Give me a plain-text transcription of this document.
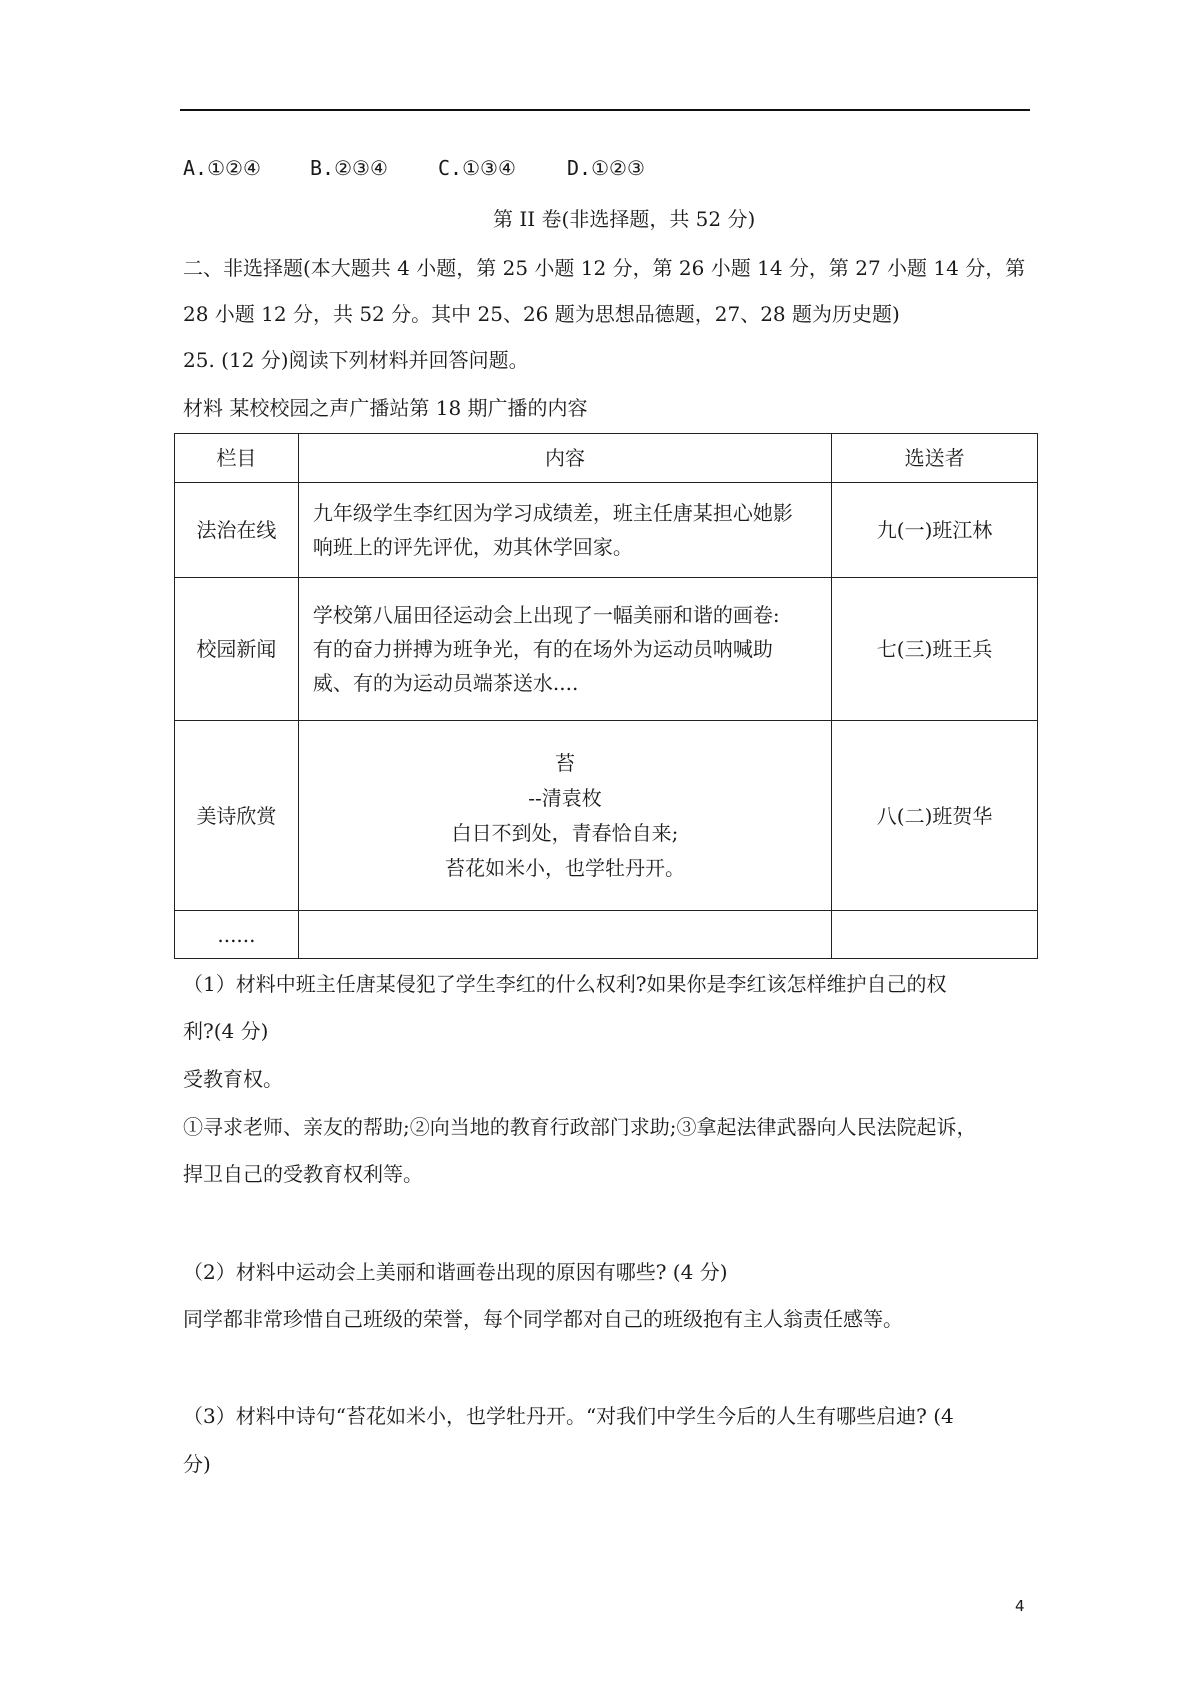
A.①②④ B.②③④	C.①③④	D.①②③
第 II 卷(非选择题，共 52 分)
二、非选择题(本大题共 4 小题，第 25 小题 12 分，第 26 小题 14 分，第 27 小题 14 分，第
28 小题 12 分，共 52 分。其中 25、26 题为思想品德题，27、28 题为历史题)
25. (12 分)阅读下列材料并回答问题。
材料 某校校园之声广播站第 18 期广播的内容
栏目	内容	选送者
法治在线	九年级学生李红因为学习成绩差，班主任唐某担心她影
响班上的评先评优，劝其休学回家。	九(一)班江林
校园新闻	学校第八届田径运动会上出现了一幅美丽和谐的画卷:
有的奋力拼搏为班争光，有的在场外为运动员呐喊助
威、有的为运动员端茶送水....	七(三)班王兵
美诗欣赏	苔
--清袁枚
白日不到处，青春恰自来;
苔花如米小，也学牡丹开。	八(二)班贺华
......		
（1）材料中班主任唐某侵犯了学生李红的什么权利?如果你是李红该怎样维护自己的权
利?(4 分)
受教育权。
①寻求老师、亲友的帮助;②向当地的教育行政部门求助;③拿起法律武器向人民法院起诉，
捍卫自己的受教育权利等。
（2）材料中运动会上美丽和谐画卷出现的原因有哪些? (4 分)
同学都非常珍惜自己班级的荣誉，每个同学都对自己的班级抱有主人翁责任感等。
（3）材料中诗句“苔花如米小，也学牡丹开。“对我们中学生今后的人生有哪些启迪? (4
分)
4
